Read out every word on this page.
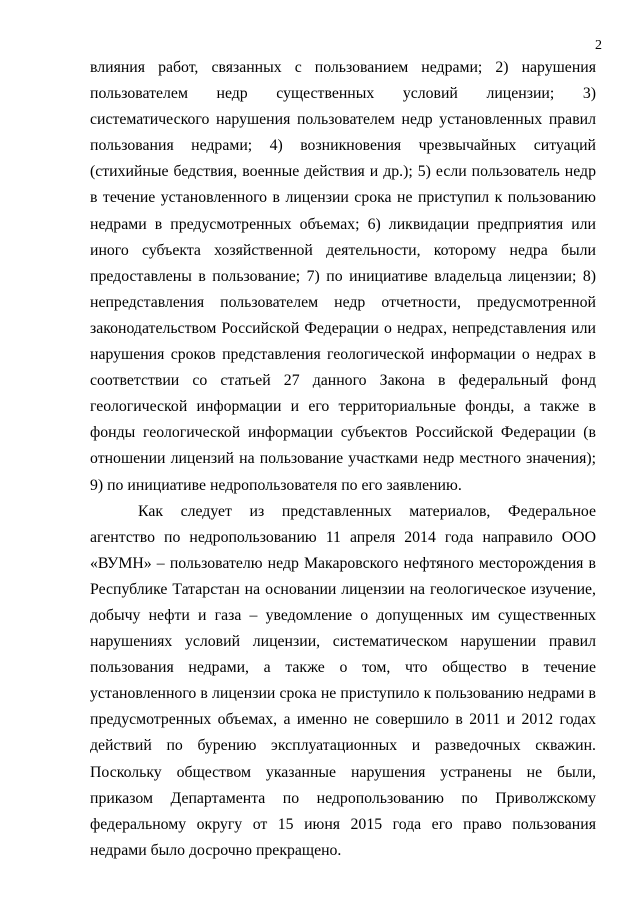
2

влияния работ, связанных с пользованием недрами; 2) нарушения пользователем недр существенных условий лицензии; 3) систематического нарушения пользователем недр установленных правил пользования недрами; 4) возникновения чрезвычайных ситуаций (стихийные бедствия, военные действия и др.); 5) если пользователь недр в течение установленного в лицензии срока не приступил к пользованию недрами в предусмотренных объемах; 6) ликвидации предприятия или иного субъекта хозяйственной деятельности, которому недра были предоставлены в пользование; 7) по инициативе владельца лицензии; 8) непредставления пользователем недр отчетности, предусмотренной законодательством Российской Федерации о недрах, непредставления или нарушения сроков представления геологической информации о недрах в соответствии со статьей 27 данного Закона в федеральный фонд геологической информации и его территориальные фонды, а также в фонды геологической информации субъектов Российской Федерации (в отношении лицензий на пользование участками недр местного значения); 9) по инициативе недропользователя по его заявлению.

Как следует из представленных материалов, Федеральное агентство по недропользованию 11 апреля 2014 года направило ООО «ВУМН» – пользователю недр Макаровского нефтяного месторождения в Республике Татарстан на основании лицензии на геологическое изучение, добычу нефти и газа – уведомление о допущенных им существенных нарушениях условий лицензии, систематическом нарушении правил пользования недрами, а также о том, что общество в течение установленного в лицензии срока не приступило к пользованию недрами в предусмотренных объемах, а именно не совершило в 2011 и 2012 годах действий по бурению эксплуатационных и разведочных скважин. Поскольку обществом указанные нарушения устранены не были, приказом Департамента по недропользованию по Приволжскому федеральному округу от 15 июня 2015 года его право пользования недрами было досрочно прекращено.
